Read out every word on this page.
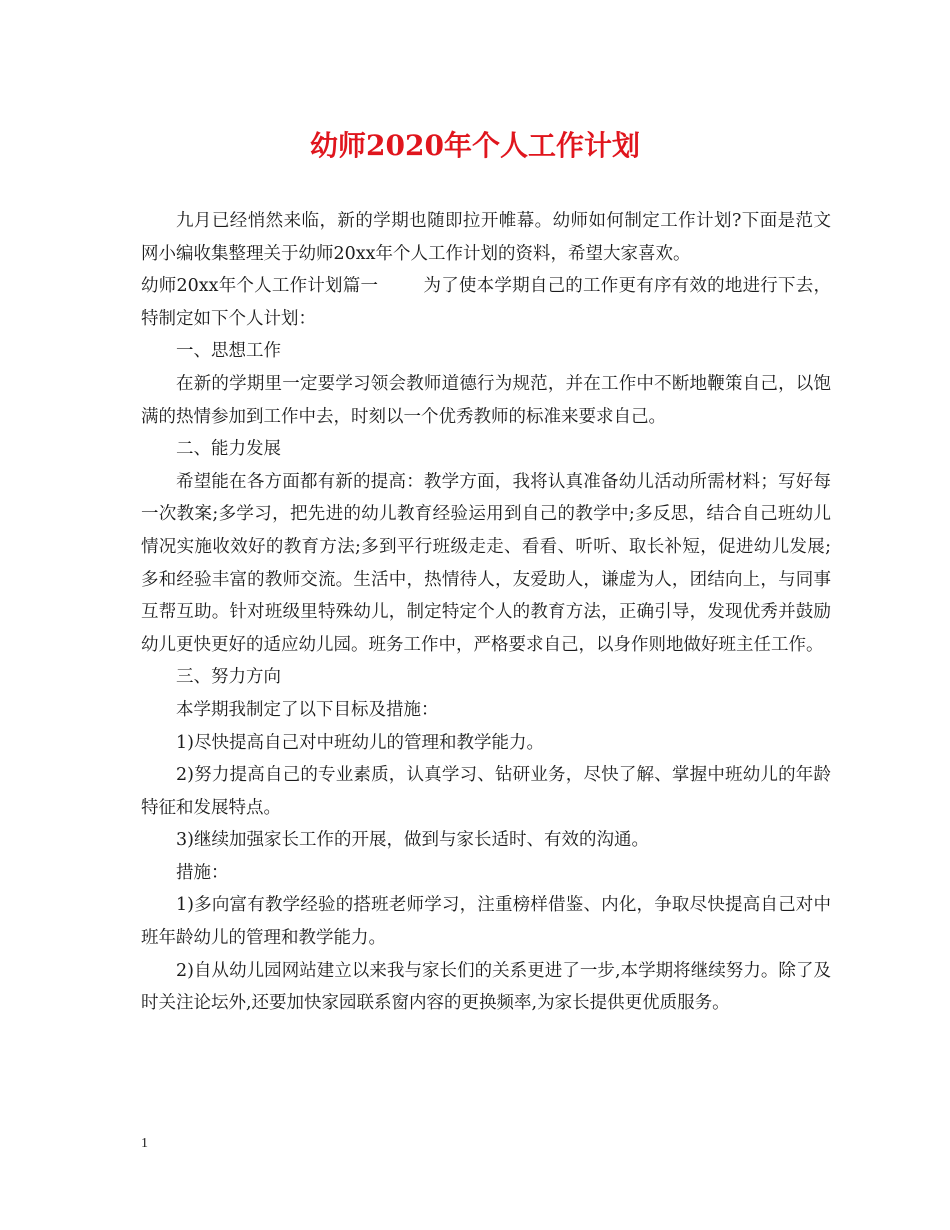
幼师2020年个人工作计划

九月已经悄然来临，新的学期也随即拉开帷幕。幼师如何制定工作计划?下面是范文网小编收集整理关于幼师20xx年个人工作计划的资料，希望大家喜欢。

幼师20xx年个人工作计划篇一	为了使本学期自己的工作更有序有效的地进行下去，特制定如下个人计划：

一、思想工作

在新的学期里一定要学习领会教师道德行为规范，并在工作中不断地鞭策自己，以饱满的热情参加到工作中去，时刻以一个优秀教师的标准来要求自己。

二、能力发展

希望能在各方面都有新的提高：教学方面，我将认真准备幼儿活动所需材料；写好每一次教案;多学习，把先进的幼儿教育经验运用到自己的教学中;多反思，结合自己班幼儿情况实施收效好的教育方法;多到平行班级走走、看看、听听、取长补短，促进幼儿发展;多和经验丰富的教师交流。生活中，热情待人，友爱助人，谦虚为人，团结向上，与同事互帮互助。针对班级里特殊幼儿，制定特定个人的教育方法，正确引导，发现优秀并鼓励幼儿更快更好的适应幼儿园。班务工作中，严格要求自己，以身作则地做好班主任工作。

三、努力方向

本学期我制定了以下目标及措施：

1)尽快提高自己对中班幼儿的管理和教学能力。

2)努力提高自己的专业素质，认真学习、钻研业务，尽快了解、掌握中班幼儿的年龄特征和发展特点。

3)继续加强家长工作的开展，做到与家长适时、有效的沟通。

措施：

1)多向富有教学经验的搭班老师学习，注重榜样借鉴、内化，争取尽快提高自己对中班年龄幼儿的管理和教学能力。

2)自从幼儿园网站建立以来我与家长们的关系更进了一步,本学期将继续努力。除了及时关注论坛外,还要加快家园联系窗内容的更换频率,为家长提供更优质服务。

1
